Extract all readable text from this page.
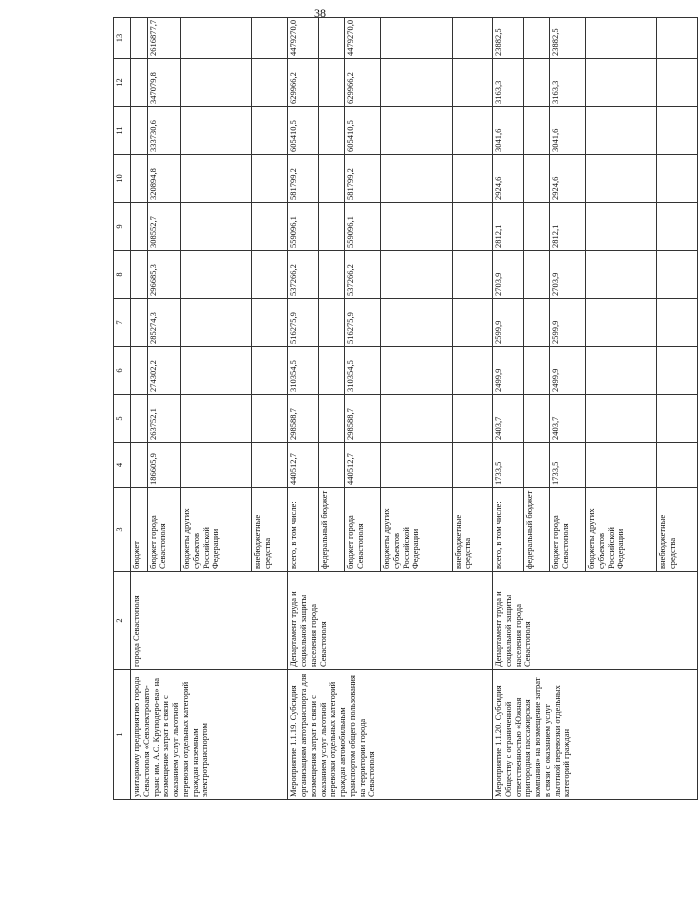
38
1	2	3	4	5	6	7	8	9	10	11	12	13
унитарному предприятию города Севастополя «Севэлектроавто-транс им. А.С. Круподеро-ва» на возмещение затрат в связи с оказанием услуг льготной перевозки отдельных категорий граждан наземным электротранспортом	города Севастополя	бюджет										
		бюджет города Севастополя	186605,9	263752,1	274302,2	285274,3	296685,3	308552,7	320894,8	333730,6	347079,8	2616877,7
		бюджеты других субъектов Российской Федерации										
		внебюджетные средства										
Мероприятие 1.1.19. Субсидия организациям автотранспорта для возмещения затрат в связи с оказанием услуг льготной перевозки отдельных категорий граждан автомобильным транспортом общего пользования на территории города Севастополя	Департамент труда и социальной защиты населения города Севастополя	всего, в том числе:	440512,7	298588,7	310354,5	516275,9	537266,2	559096,1	581799,2	605410,5	629966,2	4479270,0
		федеральный бюджет										
		бюджет города Севастополя	440512,7	298588,7	310354,5	516275,9	537266,2	559096,1	581799,2	605410,5	629966,2	4479270,0
		бюджеты других субъектов Российской Федерации										
		внебюджетные средства										
Мероприятие 1.1.20. Субсидия Обществу с ограниченной ответственностью «Южная пригородная пассажирская компания» на возмещение затрат в связи с оказанием услуг льготной перевозки отдельных категорий граждан	Департамент труда и социальной защиты населения города Севастополя	всего, в том числе:	1733,5	2403,7	2499,9	2599,9	2703,9	2812,1	2924,6	3041,6	3163,3	23882,5
		федеральный бюджет										
		бюджет города Севастополя	1733,5	2403,7	2499,9	2599,9	2703,9	2812,1	2924,6	3041,6	3163,3	23882,5
		бюджеты других субъектов Российской Федерации										
		внебюджетные средства										
